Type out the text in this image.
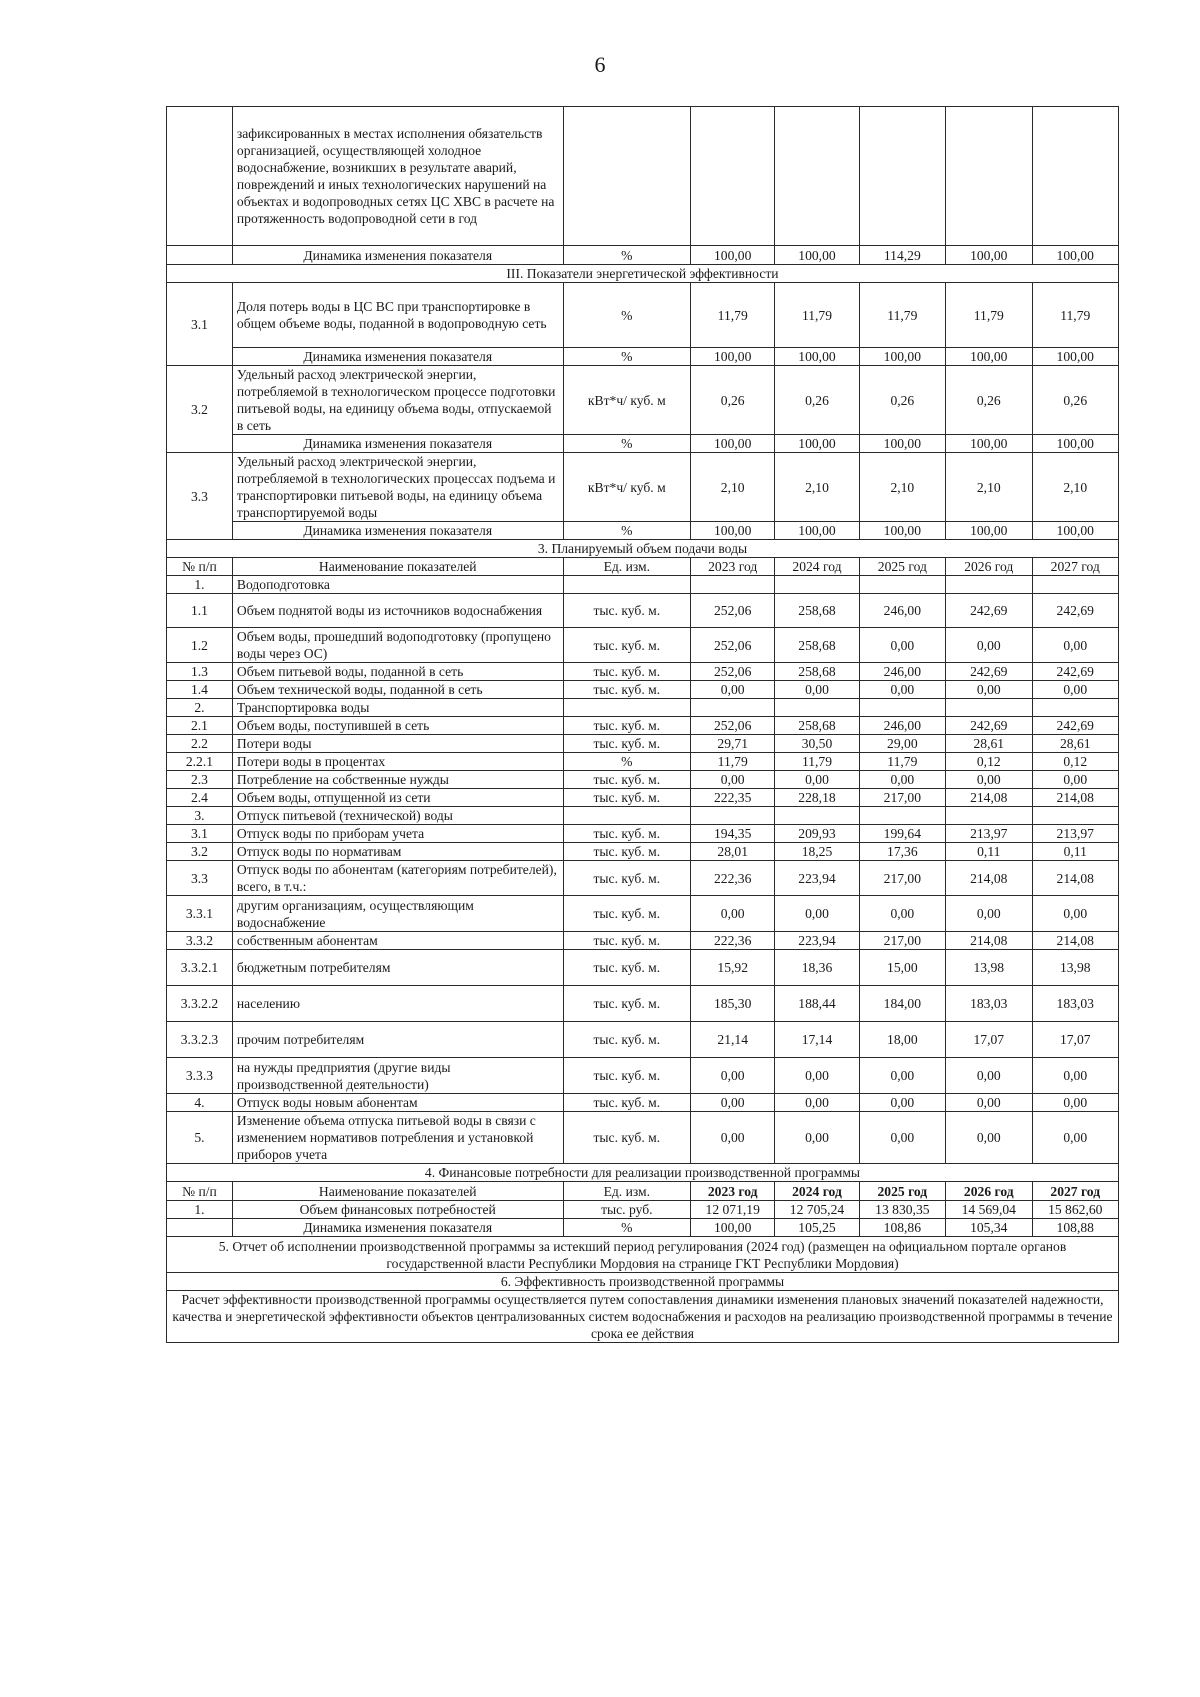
6
	зафиксированных в местах исполнения обязательств организацией, осуществляющей холодное водоснабжение, возникших в результате аварий, повреждений и иных технологических нарушений на объектах и водопроводных сетях ЦС ХВС в расчете на протяженность водопроводной сети в год						
	Динамика изменения показателя	%	100,00	100,00	114,29	100,00	100,00
III. Показатели энергетической эффективности							
3.1	Доля потерь воды в ЦС ВС при транспортировке в общем объеме воды, поданной в водопроводную сеть	%	11,79	11,79	11,79	11,79	11,79
	Динамика изменения показателя	%	100,00	100,00	100,00	100,00	100,00
3.2	Удельный расход электрической энергии, потребляемой в технологическом процессе подготовки питьевой воды, на единицу объема воды, отпускаемой в сеть	кВт*ч/ куб. м	0,26	0,26	0,26	0,26	0,26
	Динамика изменения показателя	%	100,00	100,00	100,00	100,00	100,00
3.3	Удельный расход электрической энергии, потребляемой в технологических процессах подъема и транспортировки питьевой воды, на единицу объема транспортируемой воды	кВт*ч/ куб. м	2,10	2,10	2,10	2,10	2,10
	Динамика изменения показателя	%	100,00	100,00	100,00	100,00	100,00
3. Планируемый объем подачи воды							
№ п/п	Наименование показателей	Ед. изм.	2023 год	2024 год	2025 год	2026 год	2027 год
1.	Водоподготовка						
1.1	Объем поднятой воды из источников водоснабжения	тыс. куб. м.	252,06	258,68	246,00	242,69	242,69
1.2	Объем воды, прошедший водоподготовку (пропущено воды через ОС)	тыс. куб. м.	252,06	258,68	0,00	0,00	0,00
1.3	Объем питьевой воды, поданной в сеть	тыс. куб. м.	252,06	258,68	246,00	242,69	242,69
1.4	Объем технической воды, поданной в сеть	тыс. куб. м.	0,00	0,00	0,00	0,00	0,00
2.	Транспортировка воды						
2.1	Объем воды, поступившей в сеть	тыс. куб. м.	252,06	258,68	246,00	242,69	242,69
2.2	Потери воды	тыс. куб. м.	29,71	30,50	29,00	28,61	28,61
2.2.1	Потери воды в процентах	%	11,79	11,79	11,79	0,12	0,12
2.3	Потребление на собственные нужды	тыс. куб. м.	0,00	0,00	0,00	0,00	0,00
2.4	Объем воды, отпущенной из сети	тыс. куб. м.	222,35	228,18	217,00	214,08	214,08
3.	Отпуск питьевой (технической) воды						
3.1	Отпуск воды по приборам учета	тыс. куб. м.	194,35	209,93	199,64	213,97	213,97
3.2	Отпуск воды по нормативам	тыс. куб. м.	28,01	18,25	17,36	0,11	0,11
3.3	Отпуск воды по абонентам (категориям потребителей), всего, в т.ч.:	тыс. куб. м.	222,36	223,94	217,00	214,08	214,08
3.3.1	другим организациям, осуществляющим водоснабжение	тыс. куб. м.	0,00	0,00	0,00	0,00	0,00
3.3.2	собственным абонентам	тыс. куб. м.	222,36	223,94	217,00	214,08	214,08
3.3.2.1	бюджетным потребителям	тыс. куб. м.	15,92	18,36	15,00	13,98	13,98
3.3.2.2	населению	тыс. куб. м.	185,30	188,44	184,00	183,03	183,03
3.3.2.3	прочим потребителям	тыс. куб. м.	21,14	17,14	18,00	17,07	17,07
3.3.3	на нужды предприятия (другие виды производственной деятельности)	тыс. куб. м.	0,00	0,00	0,00	0,00	0,00
4.	Отпуск воды новым абонентам	тыс. куб. м.	0,00	0,00	0,00	0,00	0,00
5.	Изменение объема отпуска питьевой воды в связи с изменением нормативов потребления и установкой приборов учета	тыс. куб. м.	0,00	0,00	0,00	0,00	0,00
4. Финансовые потребности для реализации производственной программы							
№ п/п	Наименование показателей	Ед. изм.	2023 год	2024 год	2025 год	2026 год	2027 год
1.	Объем финансовых потребностей	тыс. руб.	12 071,19	12 705,24	13 830,35	14 569,04	15 862,60
	Динамика изменения показателя	%	100,00	105,25	108,86	105,34	108,88
5. Отчет об исполнении производственной программы за истекший период регулирования (2024 год) (размещен на официальном портале органов государственной власти Республики Мордовия на странице ГКТ Республики Мордовия)							
6. Эффективность производственной программы							
Расчет эффективности производственной программы осуществляется путем сопоставления динамики изменения плановых значений показателей надежности, качества и энергетической эффективности объектов централизованных систем водоснабжения и расходов на реализацию производственной программы в течение срока ее действия							
